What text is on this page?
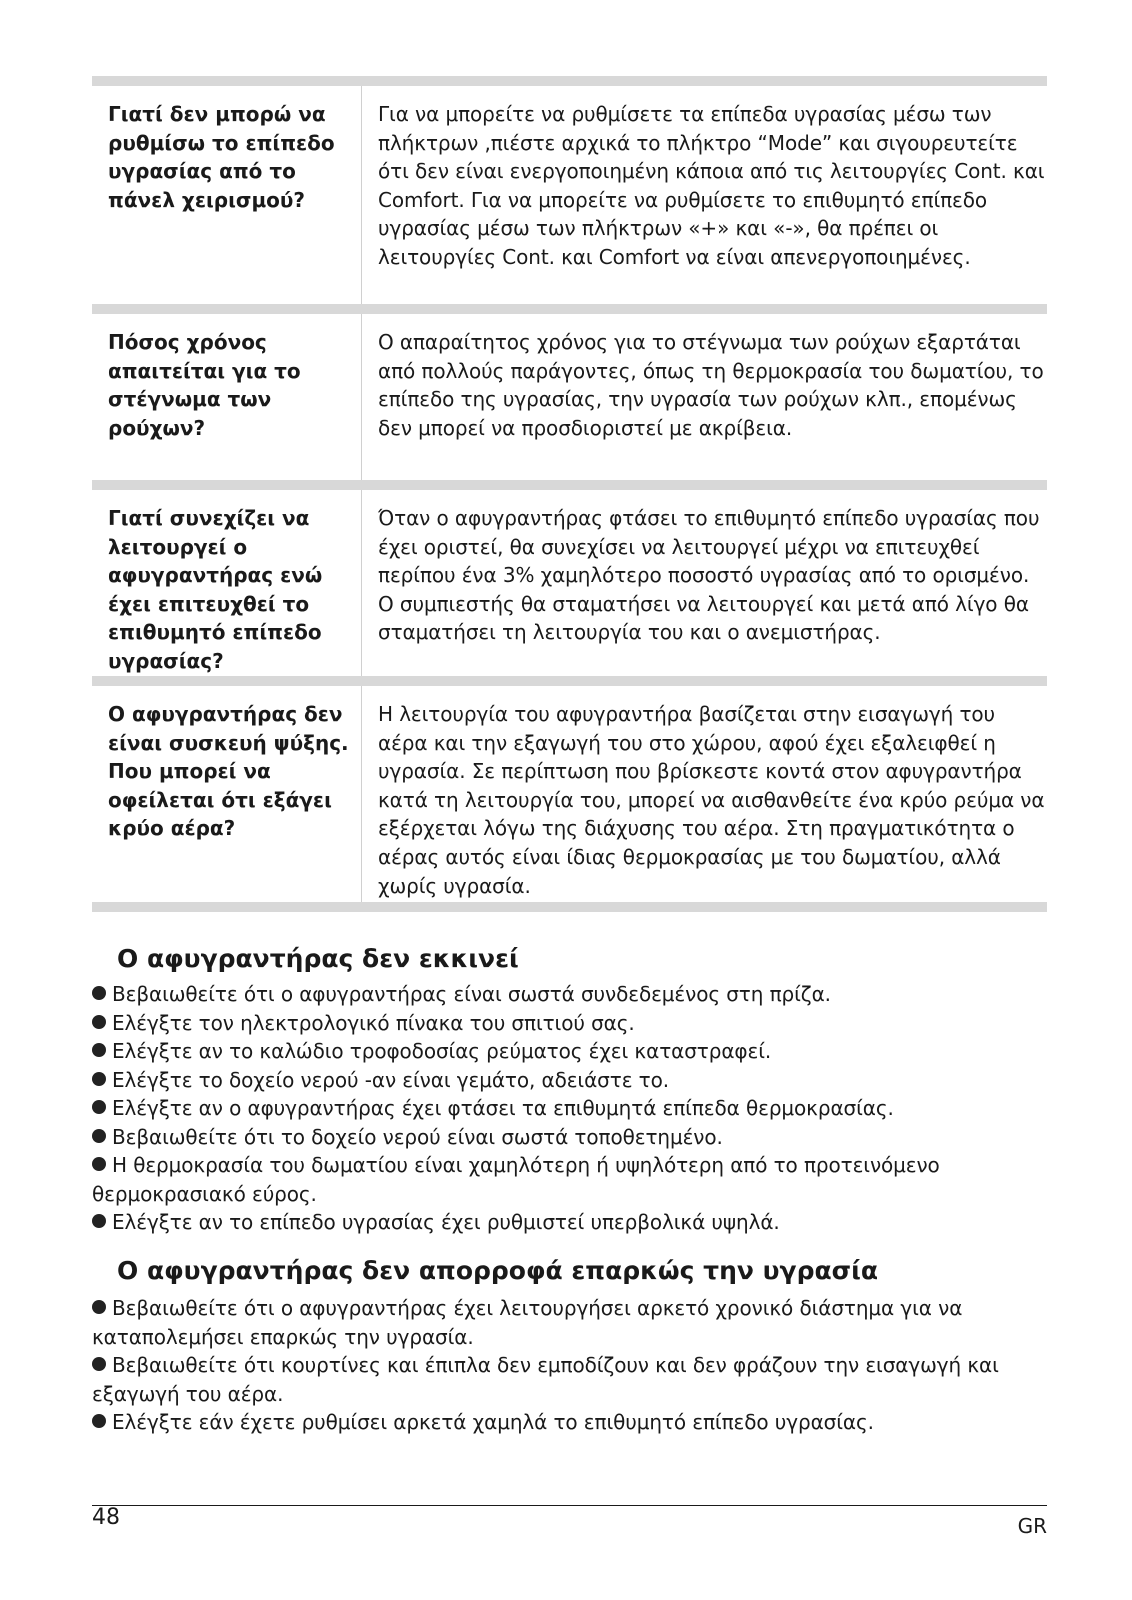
Γιατί δεν μπορώ να ρυθμίσω το επίπεδο υγρασίας από το πάνελ χειρισμού?

Για να μπορείτε να ρυθμίσετε τα επίπεδα υγρασίας μέσω των πλήκτρων ,πιέστε αρχικά το πλήκτρο “Mode” και σιγουρευτείτε ότι δεν είναι ενεργοποιημένη κάποια από τις λειτουργίες Cont. και Comfort. Για να μπορείτε να ρυθμίσετε το επιθυμητό επίπεδο υγρασίας μέσω των πλήκτρων «+» και «-», θα πρέπει οι λειτουργίες Cont. και Comfort να είναι απενεργοποιημένες.

Πόσος χρόνος απαιτείται για το στέγνωμα των ρούχων?

Ο απαραίτητος χρόνος για το στέγνωμα των ρούχων εξαρτάται από πολλούς παράγοντες, όπως τη θερμοκρασία του δωματίου, το επίπεδο της υγρασίας, την υγρασία των ρούχων κλπ., επομένως δεν μπορεί να προσδιοριστεί με ακρίβεια.

Γιατί συνεχίζει να λειτουργεί ο αφυγραντήρας ενώ έχει επιτευχθεί το επιθυμητό επίπεδο υγρασίας?

Όταν ο αφυγραντήρας φτάσει το επιθυμητό επίπεδο υγρασίας που έχει οριστεί, θα συνεχίσει να λειτουργεί μέχρι να επιτευχθεί περίπου ένα 3% χαμηλότερο ποσοστό υγρασίας από το ορισμένο. Ο συμπιεστής θα σταματήσει να λειτουργεί και μετά από λίγο θα σταματήσει τη λειτουργία του και ο ανεμιστήρας.

Ο αφυγραντήρας δεν είναι συσκευή ψύξης. Που μπορεί να οφείλεται ότι εξάγει κρύο αέρα?

Η λειτουργία του αφυγραντήρα βασίζεται στην εισαγωγή του αέρα και την εξαγωγή του στο χώρου, αφού έχει εξαλειφθεί η υγρασία. Σε περίπτωση που βρίσκεστε κοντά στον αφυγραντήρα κατά τη λειτουργία του, μπορεί να αισθανθείτε ένα κρύο ρεύμα να εξέρχεται λόγω της διάχυσης του αέρα. Στη πραγματικότητα ο αέρας αυτός είναι ίδιας θερμοκρασίας με του δωματίου, αλλά χωρίς υγρασία.

Ο αφυγραντήρας δεν εκκινεί
Βεβαιωθείτε ότι ο αφυγραντήρας είναι σωστά συνδεδεμένος στη πρίζα.
Ελέγξτε τον ηλεκτρολογικό πίνακα του σπιτιού σας.
Ελέγξτε αν το καλώδιο τροφοδοσίας ρεύματος έχει καταστραφεί.
Ελέγξτε το δοχείο νερού -αν είναι γεμάτο, αδειάστε το.
Ελέγξτε αν ο αφυγραντήρας έχει φτάσει τα επιθυμητά επίπεδα θερμοκρασίας.
Βεβαιωθείτε ότι το δοχείο νερού είναι σωστά τοποθετημένο.
Η θερμοκρασία του δωματίου είναι χαμηλότερη ή υψηλότερη από το προτεινόμενο θερμοκρασιακό εύρος.
Ελέγξτε αν το επίπεδο υγρασίας έχει ρυθμιστεί υπερβολικά υψηλά.
Ο αφυγραντήρας δεν απορροφά επαρκώς την υγρασία
Βεβαιωθείτε ότι ο αφυγραντήρας έχει λειτουργήσει αρκετό χρονικό διάστημα για να καταπολεμήσει επαρκώς την υγρασία.
Βεβαιωθείτε ότι κουρτίνες και έπιπλα δεν εμποδίζουν και δεν φράζουν την εισαγωγή και εξαγωγή του αέρα.
Ελέγξτε εάν έχετε ρυθμίσει αρκετά χαμηλά το επιθυμητό επίπεδο υγρασίας.

48	GR
